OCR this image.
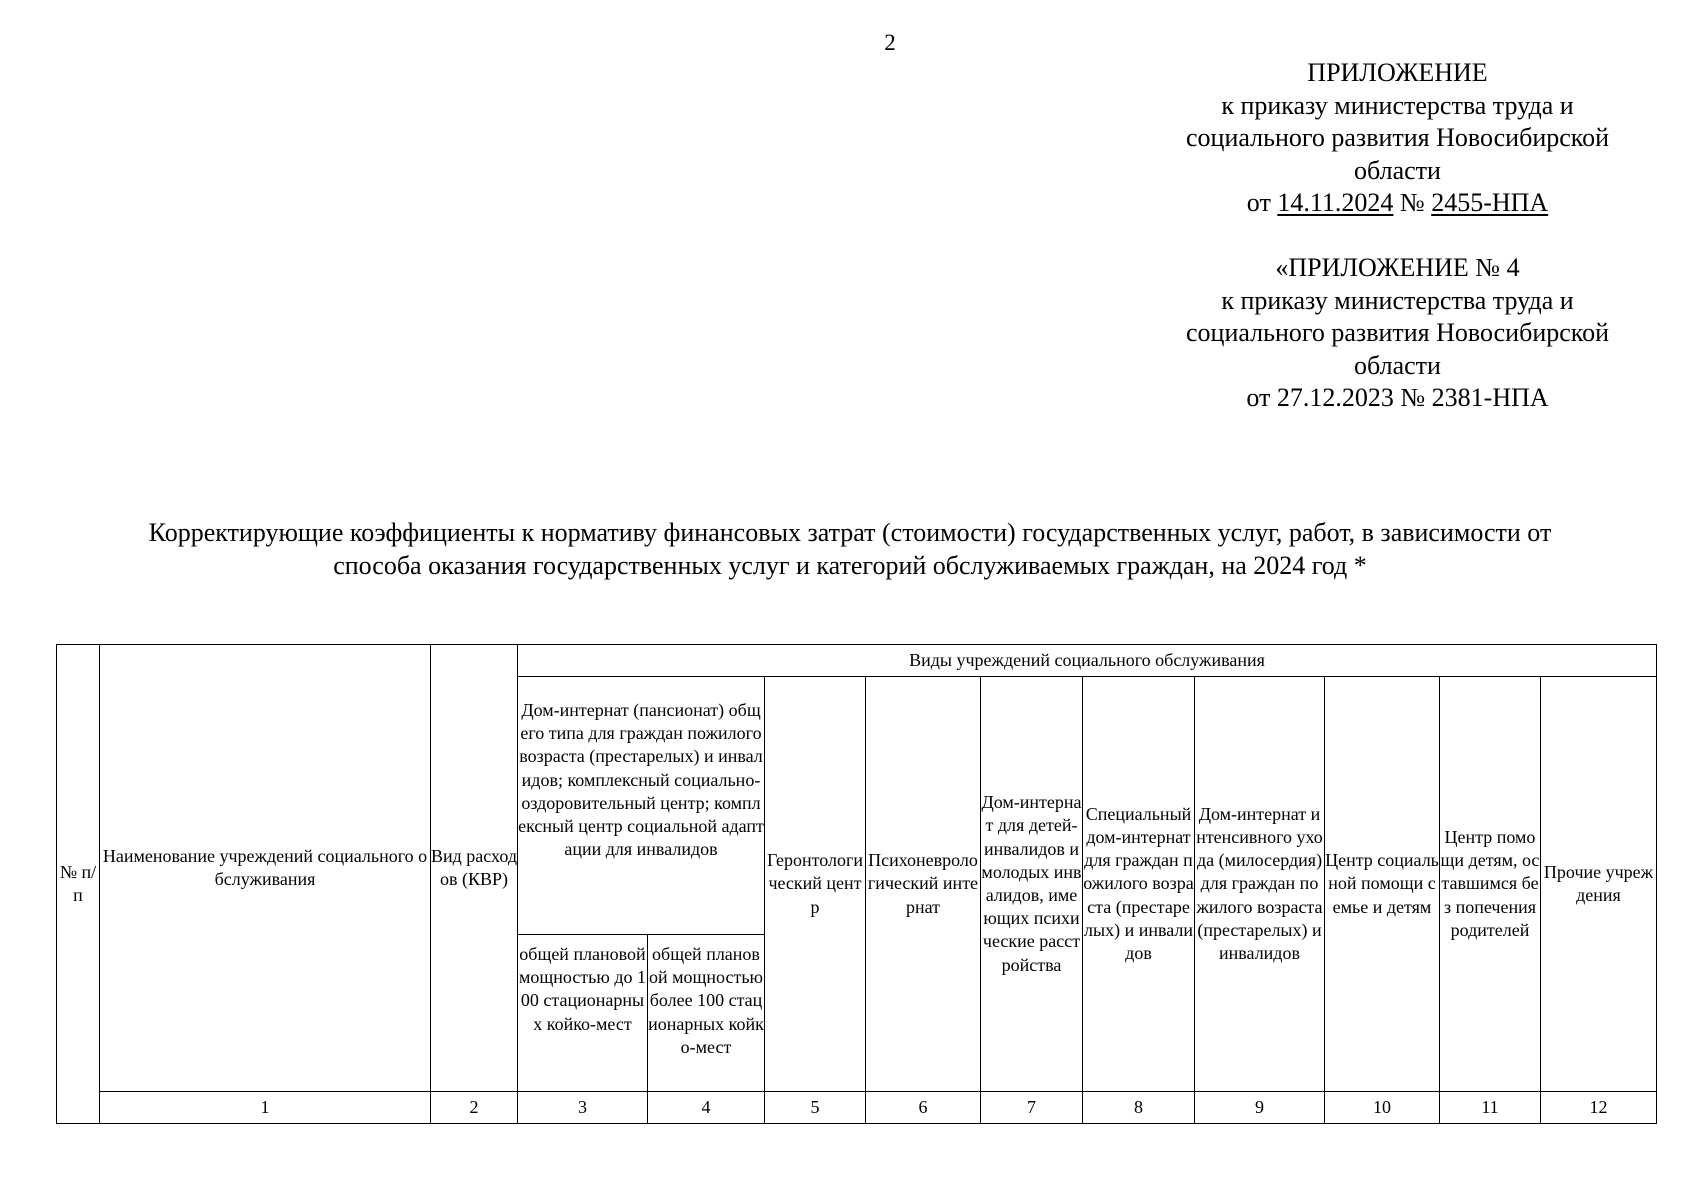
2
ПРИЛОЖЕНИЕ
к приказу министерства труда и
социального развития Новосибирской
области
от 14.11.2024 № 2455-НПА
«ПРИЛОЖЕНИЕ № 4
к приказу министерства труда и
социального развития Новосибирской
области
от 27.12.2023 № 2381-НПА
Корректирующие коэффициенты к нормативу финансовых затрат (стоимости) государственных услуг, работ, в зависимости от
способа оказания государственных услуг и категорий обслуживаемых граждан, на 2024 год *
№ п/п	Наименование учреждений социального обслуживания	Вид расходов (КВР)	Виды учреждений социального обслуживания									
			Дом-интернат (пансионат) общего типа для граждан пожилого возраста (престарелых) и инвалидов; комплексный социально-оздоровительный центр; комплексный центр социальной адаптации для инвалидов		Геронтологический центр	Психоневрологический интернат	Дом-интернат для детей-инвалидов и молодых инвалидов, имеющих психические расстройства	Специальный дом-интернат для граждан пожилого возраста (престарелых) и инвалидов	Дом-интернат интенсивного ухода (милосердия) для граждан пожилого возраста (престарелых) и инвалидов	Центр социальной помощи семье и детям	Центр помощи детям, оставшимся без попечения родителей	Прочие учреждения
			общей плановой мощностью до 100 стационарных койко-мест	общей плановой мощностью более 100 стационарных койко-мест								
	1	2	3	4	5	6	7	8	9	10	11	12
